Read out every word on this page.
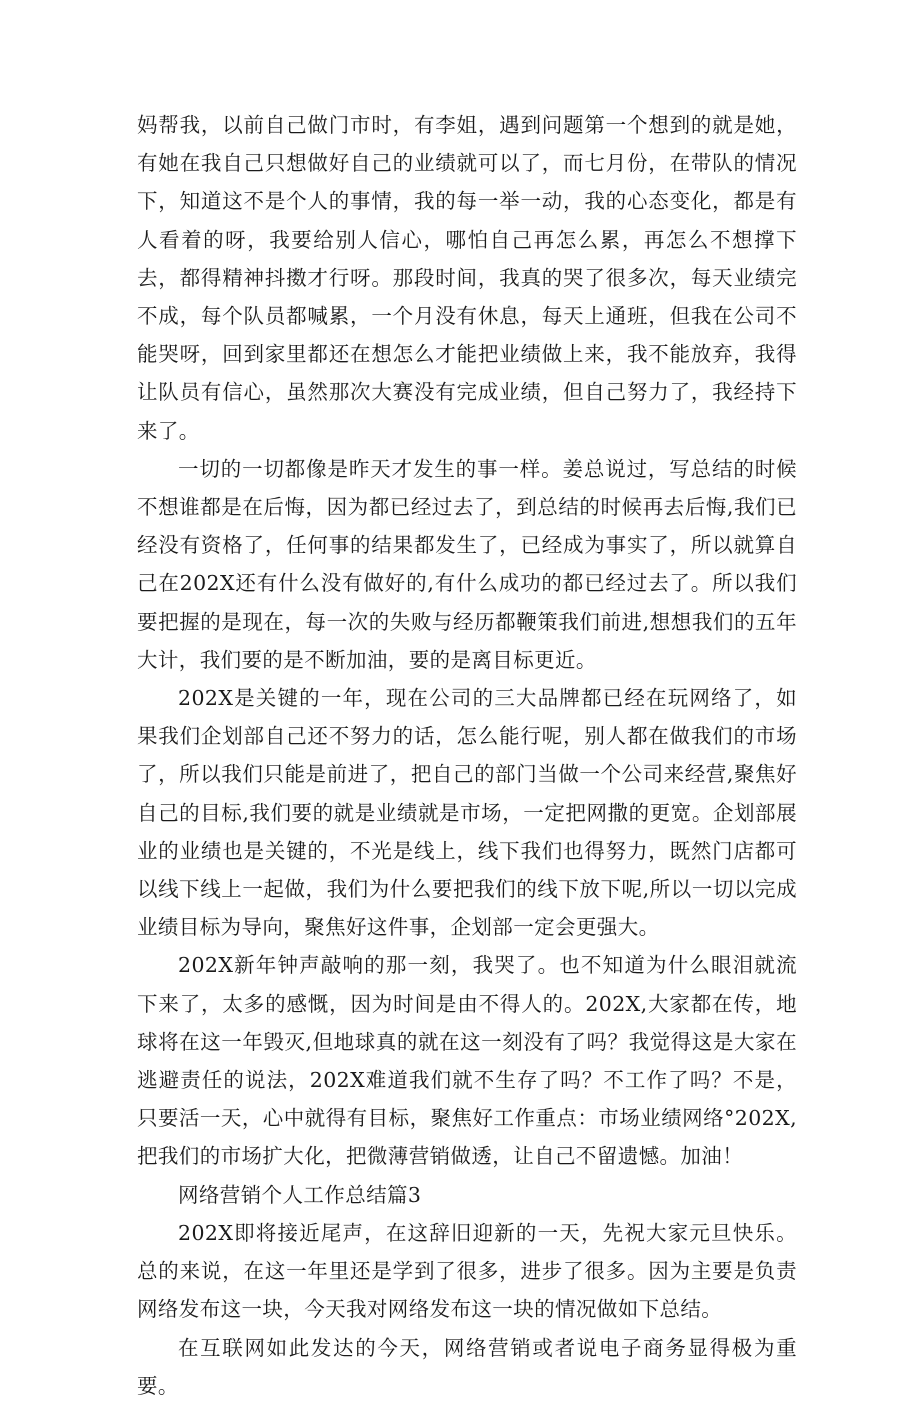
妈帮我，以前自己做门市时，有李姐，遇到问题第一个想到的就是她，有她在我自己只想做好自己的业绩就可以了，而七月份，在带队的情况下，知道这不是个人的事情，我的每一举一动，我的心态变化，都是有人看着的呀，我要给别人信心，哪怕自己再怎么累，再怎么不想撑下去，都得精神抖擞才行呀。那段时间，我真的哭了很多次，每天业绩完不成，每个队员都喊累，一个月没有休息，每天上通班，但我在公司不能哭呀，回到家里都还在想怎么才能把业绩做上来，我不能放弃，我得让队员有信心，虽然那次大赛没有完成业绩，但自己努力了，我经持下来了。

一切的一切都像是昨天才发生的事一样。姜总说过，写总结的时候不想谁都是在后悔，因为都已经过去了，到总结的时候再去后悔,我们已经没有资格了，任何事的结果都发生了，已经成为事实了，所以就算自己在202X还有什么没有做好的,有什么成功的都已经过去了。所以我们要把握的是现在，每一次的失败与经历都鞭策我们前进,想想我们的五年大计，我们要的是不断加油，要的是离目标更近。

202X是关键的一年，现在公司的三大品牌都已经在玩网络了，如果我们企划部自己还不努力的话，怎么能行呢，别人都在做我们的市场了，所以我们只能是前进了，把自己的部门当做一个公司来经营,聚焦好自己的目标,我们要的就是业绩就是市场，一定把网撒的更宽。企划部展业的业绩也是关键的，不光是线上，线下我们也得努力，既然门店都可以线下线上一起做，我们为什么要把我们的线下放下呢,所以一切以完成业绩目标为导向，聚焦好这件事，企划部一定会更强大。

202X新年钟声敲响的那一刻，我哭了。也不知道为什么眼泪就流下来了，太多的感慨，因为时间是由不得人的。202X,大家都在传，地球将在这一年毁灭,但地球真的就在这一刻没有了吗？我觉得这是大家在逃避责任的说法，202X难道我们就不生存了吗？不工作了吗？不是，只要活一天，心中就得有目标，聚焦好工作重点：市场业绩网络°202X,把我们的市场扩大化，把微薄营销做透，让自己不留遗憾。加油！

网络营销个人工作总结篇3

202X即将接近尾声，在这辞旧迎新的一天，先祝大家元旦快乐。总的来说，在这一年里还是学到了很多，进步了很多。因为主要是负责网络发布这一块，今天我对网络发布这一块的情况做如下总结。

在互联网如此发达的今天，网络营销或者说电子商务显得极为重要。
